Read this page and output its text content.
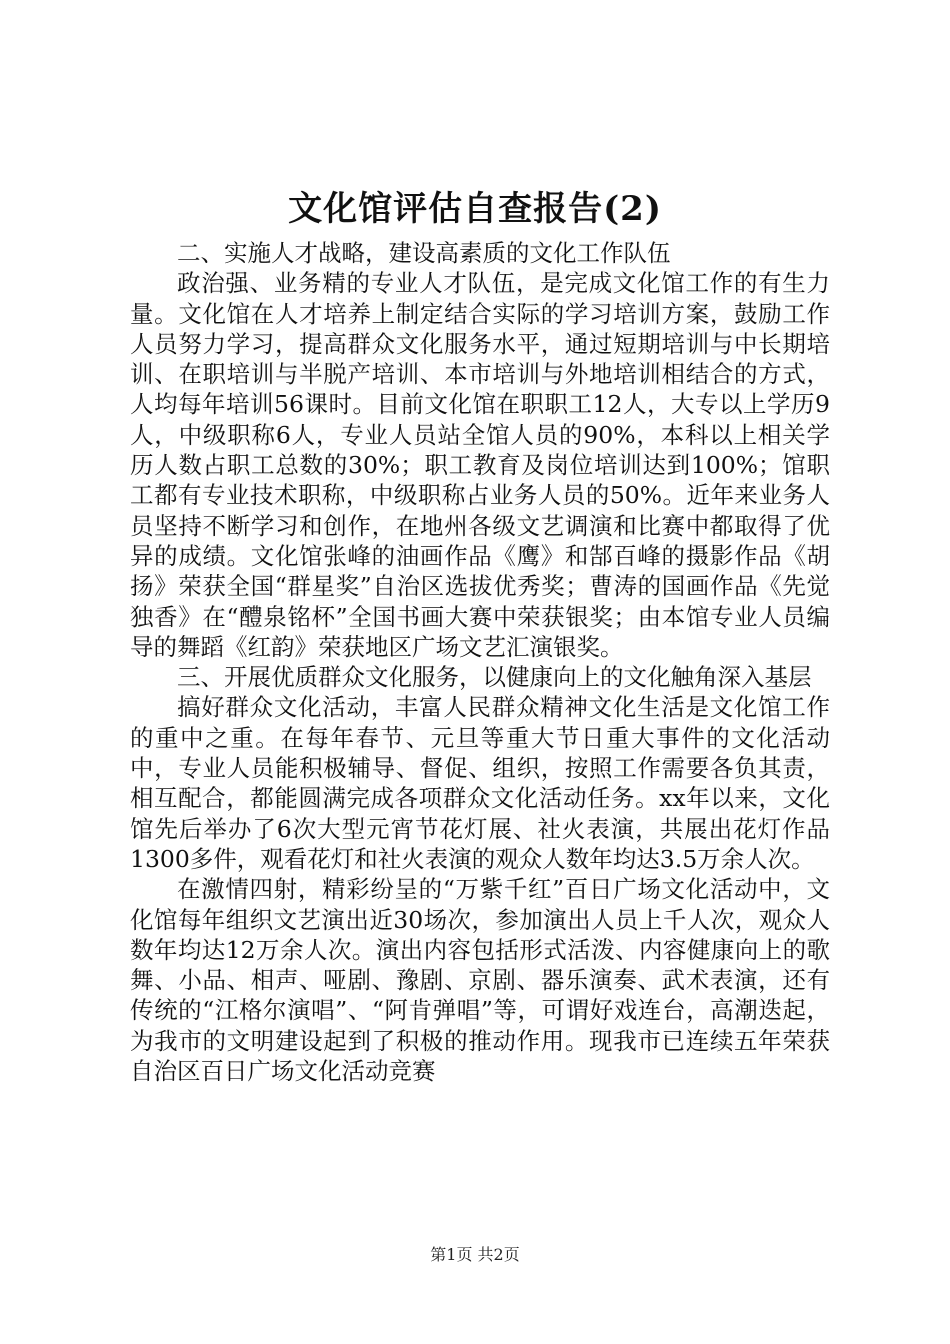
文化馆评估自查报告(2)

二、实施人才战略，建设高素质的文化工作队伍

政治强、业务精的专业人才队伍，是完成文化馆工作的有生力量。文化馆在人才培养上制定结合实际的学习培训方案，鼓励工作人员努力学习，提高群众文化服务水平，通过短期培训与中长期培训、在职培训与半脱产培训、本市培训与外地培训相结合的方式，人均每年培训56课时。目前文化馆在职职工12人，大专以上学历9人，中级职称6人，专业人员站全馆人员的90%，本科以上相关学历人数占职工总数的30%；职工教育及岗位培训达到100%；馆职工都有专业技术职称，中级职称占业务人员的50%。近年来业务人员坚持不断学习和创作，在地州各级文艺调演和比赛中都取得了优异的成绩。文化馆张峰的油画作品《鹰》和郜百峰的摄影作品《胡扬》荣获全国“群星奖”自治区选拔优秀奖；曹涛的国画作品《先觉独香》在“醴泉铭杯”全国书画大赛中荣获银奖；由本馆专业人员编导的舞蹈《红韵》荣获地区广场文艺汇演银奖。

三、开展优质群众文化服务，以健康向上的文化触角深入基层

搞好群众文化活动，丰富人民群众精神文化生活是文化馆工作的重中之重。在每年春节、元旦等重大节日重大事件的文化活动中，专业人员能积极辅导、督促、组织，按照工作需要各负其责，相互配合，都能圆满完成各项群众文化活动任务。xx年以来，文化馆先后举办了6次大型元宵节花灯展、社火表演，共展出花灯作品1300多件，观看花灯和社火表演的观众人数年均达3.5万余人次。

在激情四射，精彩纷呈的“万紫千红”百日广场文化活动中，文化馆每年组织文艺演出近30场次，参加演出人员上千人次，观众人数年均达12万余人次。演出内容包括形式活泼、内容健康向上的歌舞、小品、相声、哑剧、豫剧、京剧、器乐演奏、武术表演，还有传统的“江格尔演唱”、“阿肯弹唱”等，可谓好戏连台，高潮迭起，为我市的文明建设起到了积极的推动作用。现我市已连续五年荣获自治区百日广场文化活动竞赛

第1页 共2页
